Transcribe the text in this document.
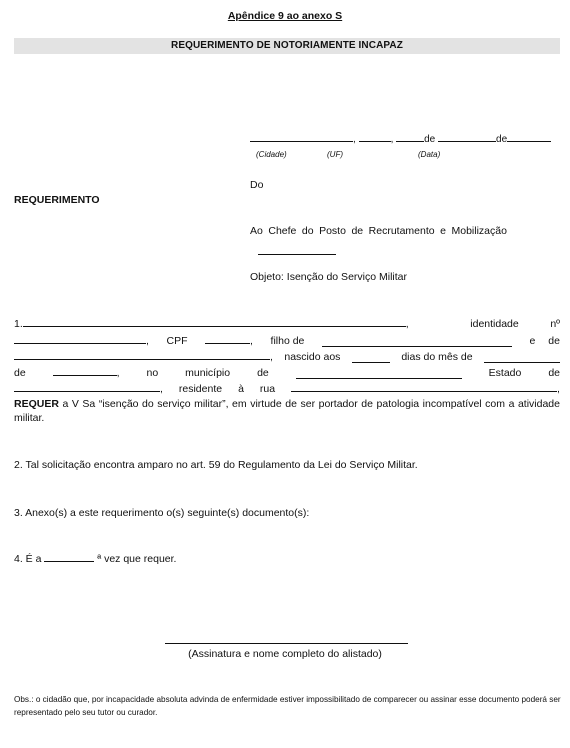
Apêndice 9 ao anexo S
REQUERIMENTO DE NOTORIAMENTE INCAPAZ
,	,	de	de
(Cidade)	(UF)	(Data)
Do
REQUERIMENTO
Ao Chefe do Posto de Recrutamento e Mobilização
Objeto: Isenção do Serviço Militar
1.	,	identidade	nº
, CPF	, filho de	e de
, nascido aos	dias do mês de
de	,	no	município	de	Estado	de
, residente à rua	,
REQUER a V Sa “isenção do serviço militar”, em virtude de ser portador de patologia incompatível com a atividade militar.
2. Tal solicitação encontra amparo no art. 59 do Regulamento da Lei do Serviço Militar.
3. Anexo(s) a este requerimento o(s) seguinte(s) documento(s):
4. É a	ª vez que requer.
(Assinatura e nome completo do alistado)
Obs.: o cidadão que, por incapacidade absoluta advinda de enfermidade estiver impossibilitado de comparecer ou assinar esse documento poderá ser representado pelo seu tutor ou curador.
